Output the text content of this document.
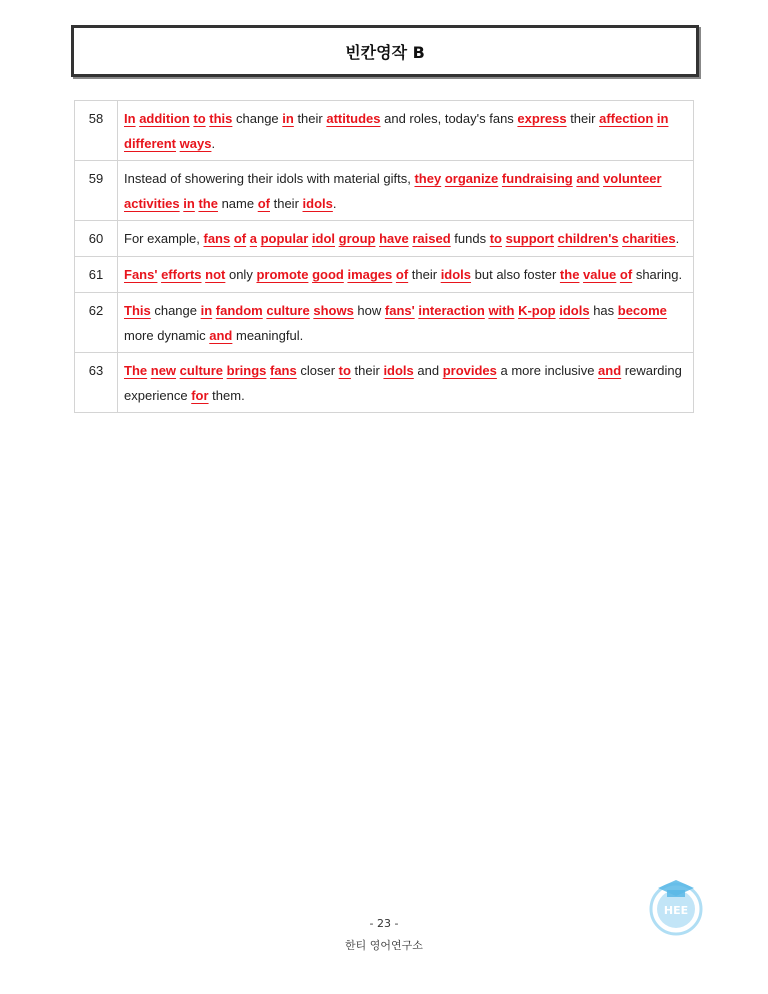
빈칸영작 B
58	In addition to this change in their attitudes and roles, today's fans express their affection in different ways.
59	Instead of showering their idols with material gifts, they organize fundraising and volunteer activities in the name of their idols.
60	For example, fans of a popular idol group have raised funds to support children's charities.
61	Fans' efforts not only promote good images of their idols but also foster the value of sharing.
62	This change in fandom culture shows how fans' interaction with K-pop idols has become more dynamic and meaningful.
63	The new culture brings fans closer to their idols and provides a more inclusive and rewarding experience for them.
- 23 -
한티 영어연구소
HEE
